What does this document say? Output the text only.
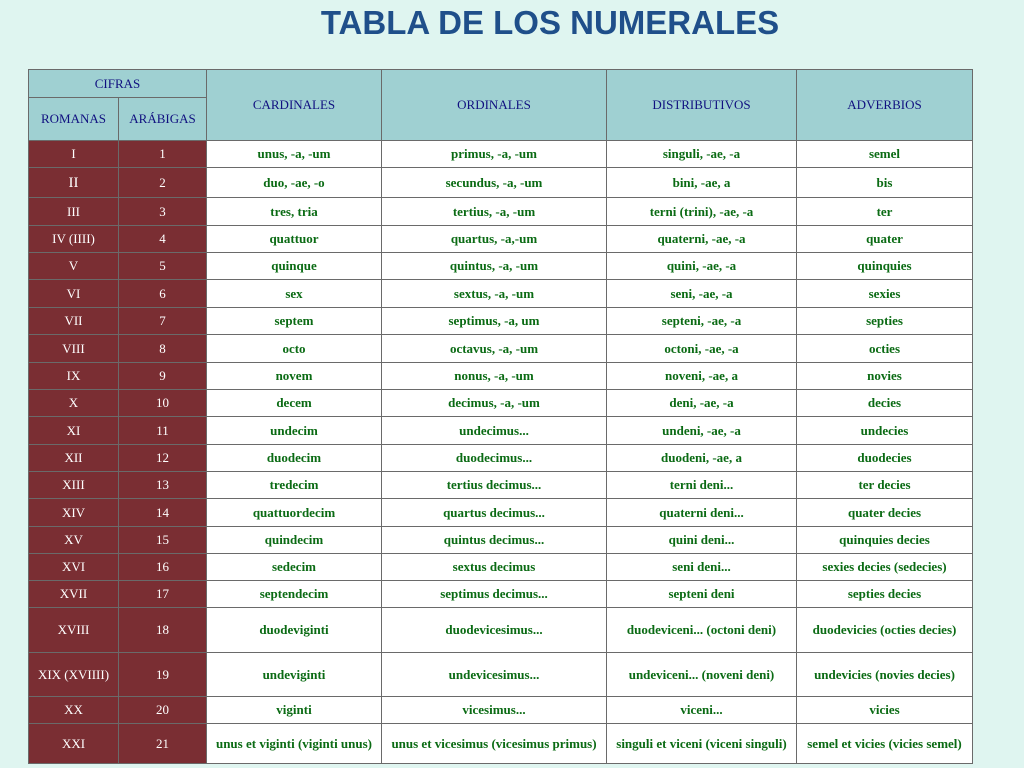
TABLA DE LOS NUMERALES
CIFRAS		CARDINALES	ORDINALES	DISTRIBUTIVOS	ADVERBIOS
ROMANAS	ARÁBIGAS				
I	1	unus, -a, -um	primus, -a, -um	singuli, -ae, -a	semel
II	2	duo, -ae, -o	secundus, -a, -um	bini, -ae, a	bis
III	3	tres, tria	tertius, -a, -um	terni (trini), -ae, -a	ter
IV (IIII)	4	quattuor	quartus, -a,-um	quaterni, -ae, -a	quater
V	5	quinque	quintus, -a, -um	quini, -ae, -a	quinquies
VI	6	sex	sextus, -a, -um	seni, -ae, -a	sexies
VII	7	septem	septimus, -a, um	septeni, -ae, -a	septies
VIII	8	octo	octavus, -a, -um	octoni, -ae, -a	octies
IX	9	novem	nonus, -a, -um	noveni, -ae, a	novies
X	10	decem	decimus, -a, -um	deni, -ae, -a	decies
XI	11	undecim	undecimus...	undeni, -ae, -a	undecies
XII	12	duodecim	duodecimus...	duodeni, -ae, a	duodecies
XIII	13	tredecim	tertius decimus...	terni deni...	ter decies
XIV	14	quattuordecim	quartus decimus...	quaterni deni...	quater decies
XV	15	quindecim	quintus decimus...	quini deni...	quinquies decies
XVI	16	sedecim	sextus decimus	seni deni...	sexies decies (sedecies)
XVII	17	septendecim	septimus decimus...	septeni deni	septies decies
XVIII	18	duodeviginti	duodevicesimus...	duodeviceni... (octoni deni)	duodevicies (octies decies)
XIX (XVIIII)	19	undeviginti	undevicesimus...	undeviceni... (noveni deni)	undevicies (novies decies)
XX	20	viginti	vicesimus...	viceni...	vicies
XXI	21	unus et viginti (viginti unus)	unus et vicesimus (vicesimus primus)	singuli et viceni (viceni singuli)	semel et vicies (vicies semel)
